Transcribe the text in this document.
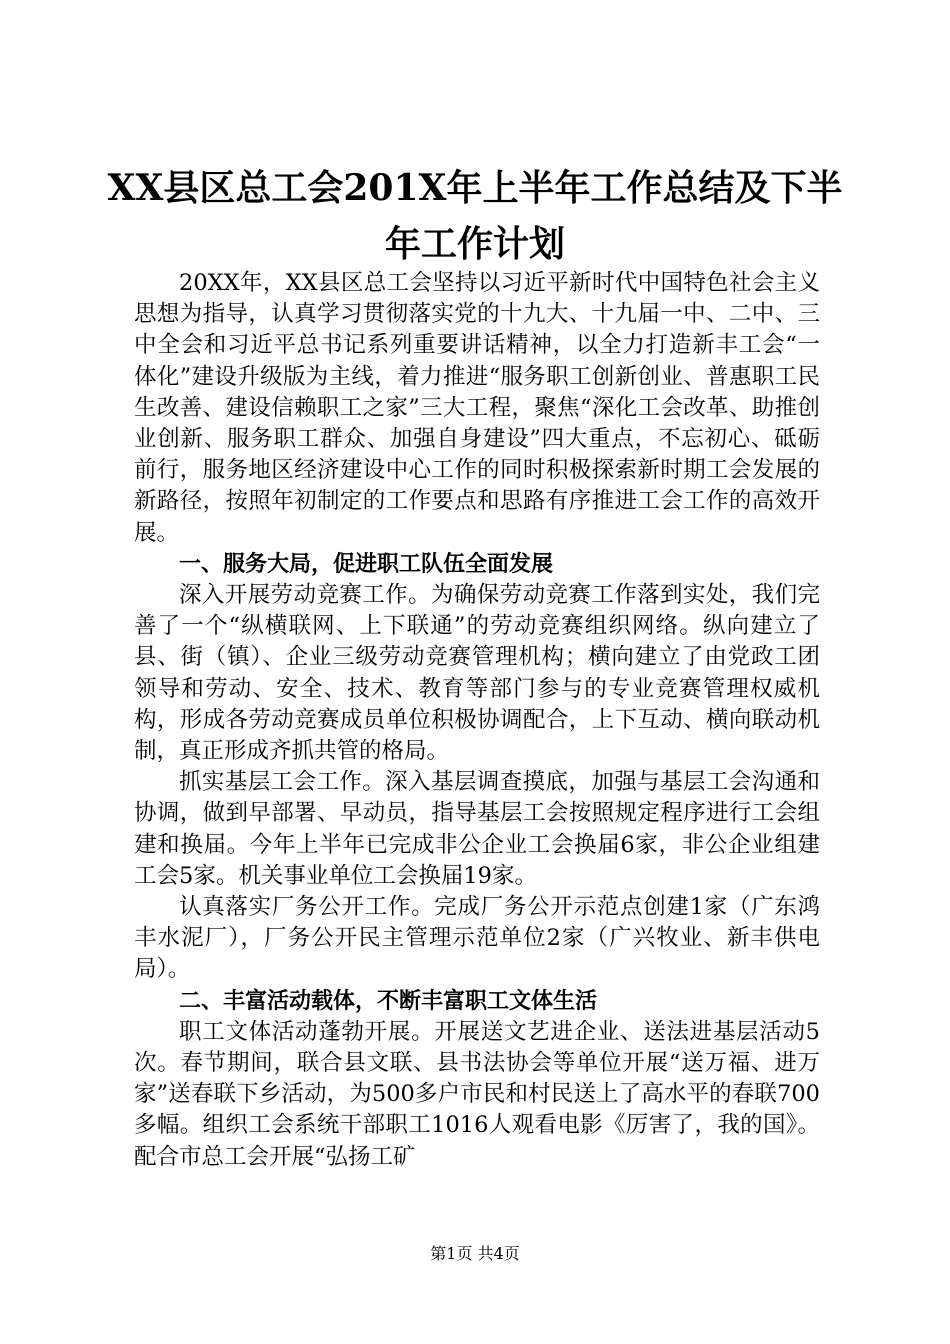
XX县区总工会201X年上半年工作总结及下半
年工作计划

20XX年，XX县区总工会坚持以习近平新时代中国特色社会主义思想为指导，认真学习贯彻落实党的十九大、十九届一中、二中、三中全会和习近平总书记系列重要讲话精神，以全力打造新丰工会“一体化”建设升级版为主线，着力推进“服务职工创新创业、普惠职工民生改善、建设信赖职工之家”三大工程，聚焦“深化工会改革、助推创业创新、服务职工群众、加强自身建设”四大重点，不忘初心、砥砺前行，服务地区经济建设中心工作的同时积极探索新时期工会发展的新路径，按照年初制定的工作要点和思路有序推进工会工作的高效开展。

一、服务大局，促进职工队伍全面发展

深入开展劳动竞赛工作。为确保劳动竞赛工作落到实处，我们完善了一个“纵横联网、上下联通”的劳动竞赛组织网络。纵向建立了县、街（镇）、企业三级劳动竞赛管理机构；横向建立了由党政工团领导和劳动、安全、技术、教育等部门参与的专业竞赛管理权威机构，形成各劳动竞赛成员单位积极协调配合，上下互动、横向联动机制，真正形成齐抓共管的格局。

抓实基层工会工作。深入基层调查摸底，加强与基层工会沟通和协调，做到早部署、早动员，指导基层工会按照规定程序进行工会组建和换届。今年上半年已完成非公企业工会换届6家，非公企业组建工会5家。机关事业单位工会换届19家。

认真落实厂务公开工作。完成厂务公开示范点创建1家（广东鸿丰水泥厂），厂务公开民主管理示范单位2家（广兴牧业、新丰供电局）。

二、丰富活动载体，不断丰富职工文体生活

职工文体活动蓬勃开展。开展送文艺进企业、送法进基层活动5次。春节期间，联合县文联、县书法协会等单位开展“送万福、进万家”送春联下乡活动，为500多户市民和村民送上了高水平的春联700多幅。组织工会系统干部职工1016人观看电影《厉害了，我的国》。配合市总工会开展“弘扬工矿

第1页 共4页
